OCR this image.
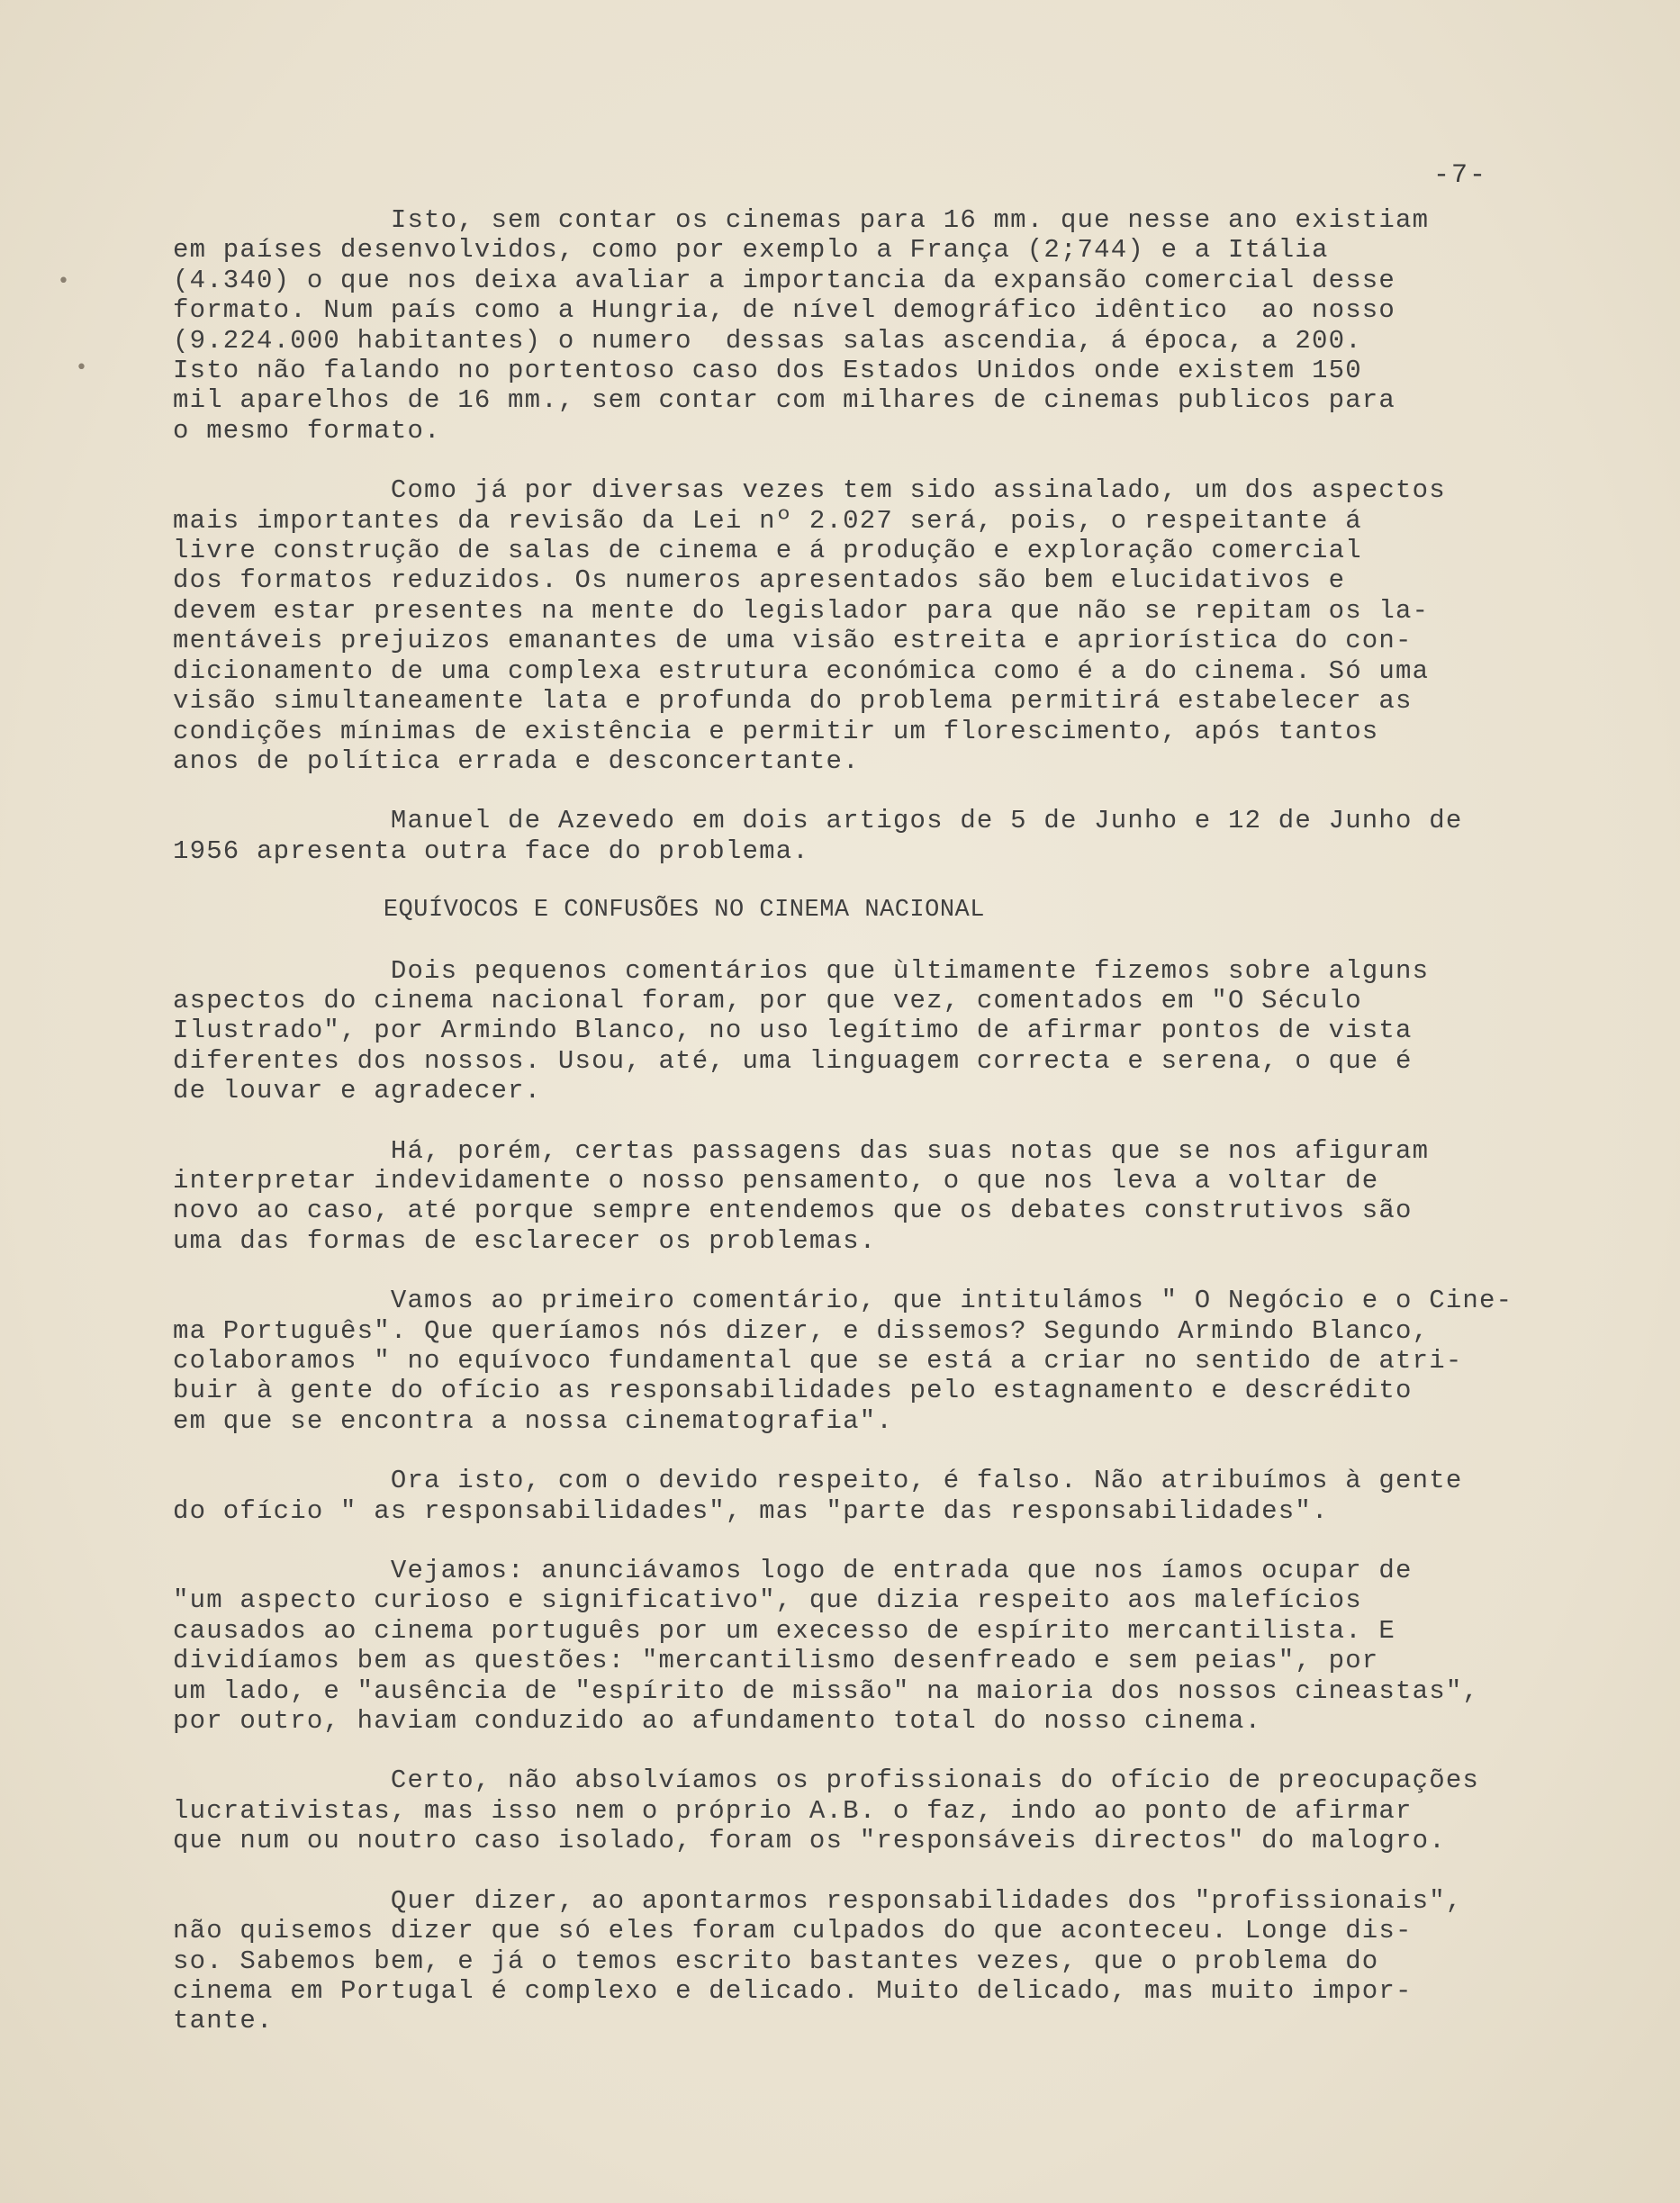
•
•
-7-

Isto, sem contar os cinemas para 16 mm. que nesse ano existiam
em países desenvolvidos, como por exemplo a França (2;744) e a Itália
(4.340) o que nos deixa avaliar a importancia da expansão comercial desse
formato. Num país como a Hungria, de nível demográfico idêntico  ao nosso
(9.224.000 habitantes) o numero  dessas salas ascendia, á época, a 200.
Isto não falando no portentoso caso dos Estados Unidos onde existem 150
mil aparelhos de 16 mm., sem contar com milhares de cinemas publicos para
o mesmo formato.

Como já por diversas vezes tem sido assinalado, um dos aspectos
mais importantes da revisão da Lei nº 2.027 será, pois, o respeitante á
livre construção de salas de cinema e á produção e exploração comercial
dos formatos reduzidos. Os numeros apresentados são bem elucidativos e
devem estar presentes na mente do legislador para que não se repitam os la-
mentáveis prejuizos emanantes de uma visão estreita e apriorística do con-
dicionamento de uma complexa estrutura económica como é a do cinema. Só uma
visão simultaneamente lata e profunda do problema permitirá estabelecer as
condições mínimas de existência e permitir um florescimento, após tantos
anos de política errada e desconcertante.

Manuel de Azevedo em dois artigos de 5 de Junho e 12 de Junho de
1956 apresenta outra face do problema.

EQUÍVOCOS E CONFUSÕES NO CINEMA NACIONAL

Dois pequenos comentários que ùltimamente fizemos sobre alguns
aspectos do cinema nacional foram, por que vez, comentados em "O Século
Ilustrado", por Armindo Blanco, no uso legítimo de afirmar pontos de vista
diferentes dos nossos. Usou, até, uma linguagem correcta e serena, o que é
de louvar e agradecer.

Há, porém, certas passagens das suas notas que se nos afiguram
interpretar indevidamente o nosso pensamento, o que nos leva a voltar de
novo ao caso, até porque sempre entendemos que os debates construtivos são
uma das formas de esclarecer os problemas.

Vamos ao primeiro comentário, que intitulámos " O Negócio e o Cine-
ma Português". Que queríamos nós dizer, e dissemos? Segundo Armindo Blanco,
colaboramos " no equívoco fundamental que se está a criar no sentido de atri-
buir à gente do ofício as responsabilidades pelo estagnamento e descrédito
em que se encontra a nossa cinematografia".

Ora isto, com o devido respeito, é falso. Não atribuímos à gente
do ofício " as responsabilidades", mas "parte das responsabilidades".

Vejamos: anunciávamos logo de entrada que nos íamos ocupar de
"um aspecto curioso e significativo", que dizia respeito aos malefícios
causados ao cinema português por um execesso de espírito mercantilista. E
dividíamos bem as questões: "mercantilismo desenfreado e sem peias", por
um lado, e "ausência de "espírito de missão" na maioria dos nossos cineastas",
por outro, haviam conduzido ao afundamento total do nosso cinema.

Certo, não absolvíamos os profissionais do ofício de preocupações
lucrativistas, mas isso nem o próprio A.B. o faz, indo ao ponto de afirmar
que num ou noutro caso isolado, foram os "responsáveis directos" do malogro.

Quer dizer, ao apontarmos responsabilidades dos "profissionais",
não quisemos dizer que só eles foram culpados do que aconteceu. Longe dis-
so. Sabemos bem, e já o temos escrito bastantes vezes, que o problema do
cinema em Portugal é complexo e delicado. Muito delicado, mas muito impor-
tante.
